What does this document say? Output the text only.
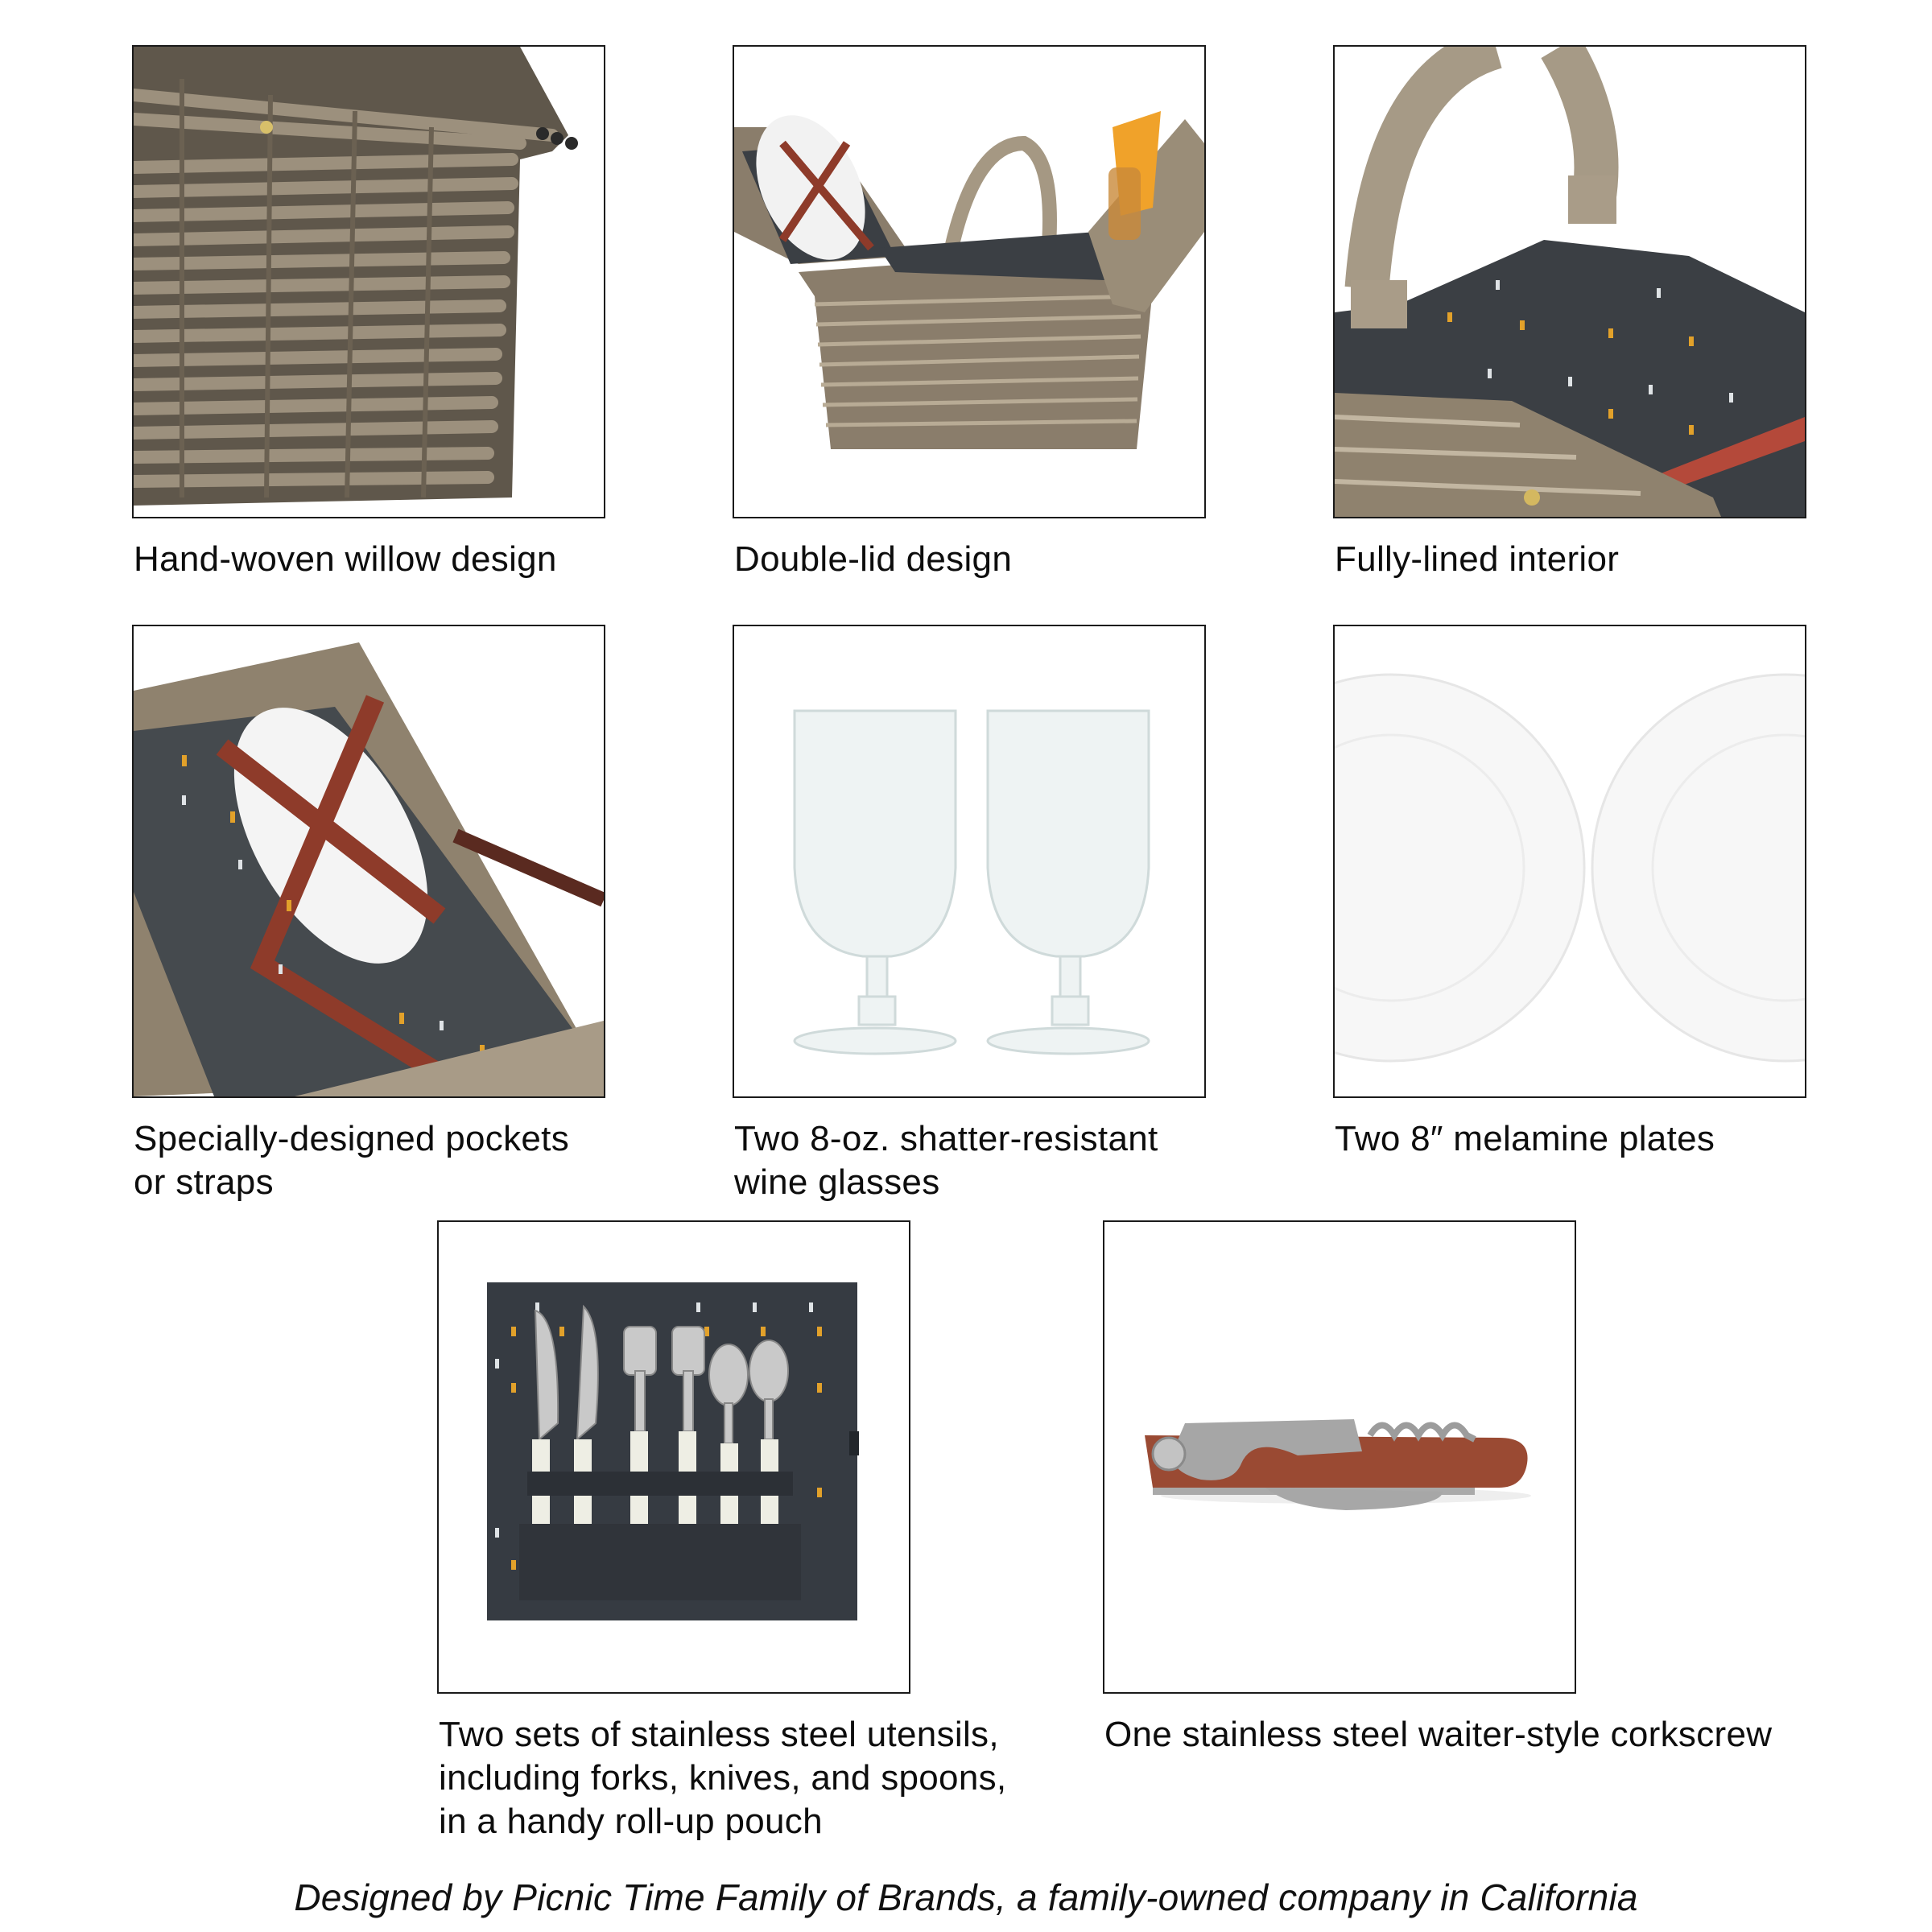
Hand-woven willow design	Double-lid design	Fully-lined interior
Specially-designed pockets
or straps
Two 8-oz. shatter-resistant
wine glasses
Two 8″ melamine plates
Two sets of stainless steel utensils,
including forks, knives, and spoons,
in a handy roll-up pouch
One stainless steel waiter-style corkscrew
Designed by Picnic Time Family of Brands, a family-owned company in California
